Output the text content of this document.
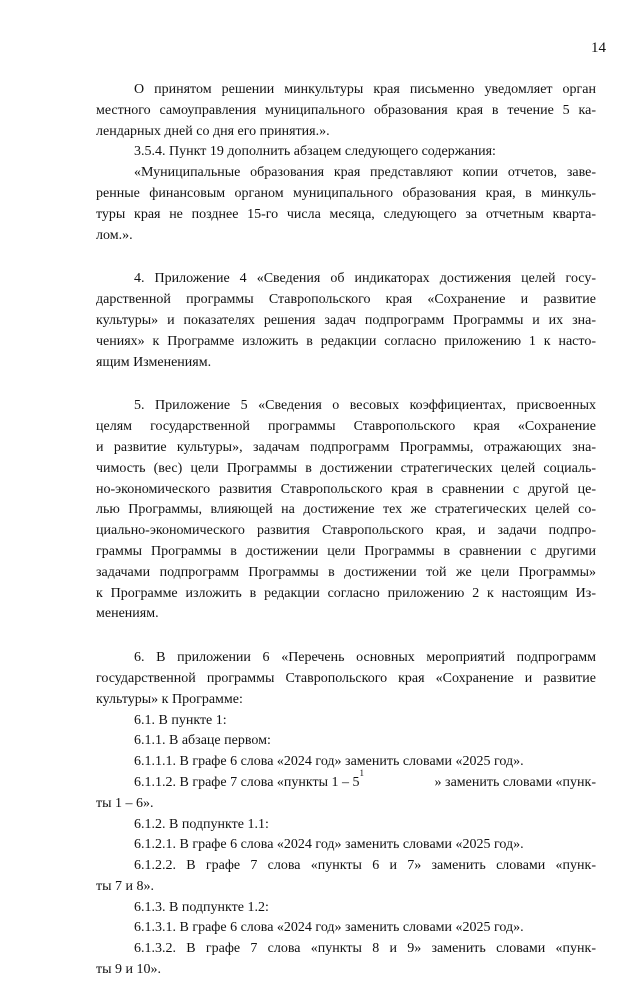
14
О принятом решении минкультуры края письменно уведомляет орган
местного самоуправления муниципального образования края в течение 5 ка-
лендарных дней со дня его принятия.».
3.5.4. Пункт 19 дополнить абзацем следующего содержания:
«Муниципальные образования края представляют копии отчетов, заве-
ренные финансовым органом муниципального образования края, в минкуль-
туры края не позднее 15-го числа месяца, следующего за отчетным кварта-
лом.».
4. Приложение 4 «Сведения об индикаторах достижения целей госу-
дарственной программы Ставропольского края «Сохранение и развитие
культуры» и показателях решения задач подпрограмм Программы и их зна-
чениях» к Программе изложить в редакции согласно приложению 1 к насто-
ящим Изменениям.
5. Приложение 5 «Сведения о весовых коэффициентах, присвоенных
целям государственной программы Ставропольского края «Сохранение
и развитие культуры», задачам подпрограмм Программы, отражающих зна-
чимость (вес) цели Программы в достижении стратегических целей социаль-
но-экономического развития Ставропольского края в сравнении с другой це-
лью Программы, влияющей на достижение тех же стратегических целей со-
циально-экономического развития Ставропольского края, и задачи подпро-
граммы Программы в достижении цели Программы в сравнении с другими
задачами подпрограмм Программы в достижении той же цели Программы»
к Программе изложить в редакции согласно приложению 2 к настоящим Из-
менениям.
6. В приложении 6 «Перечень основных мероприятий подпрограмм
государственной программы Ставропольского края «Сохранение и развитие
культуры» к Программе:
6.1. В пункте 1:
6.1.1. В абзаце первом:
6.1.1.1. В графе 6 слова «2024 год» заменить словами «2025 год».
6.1.1.2. В графе 7 слова «пункты 1 – 5
1
» заменить словами «пунк-
ты 1 – 6».
6.1.2. В подпункте 1.1:
6.1.2.1. В графе 6 слова «2024 год» заменить словами «2025 год».
6.1.2.2. В графе 7 слова «пункты 6 и 7» заменить словами «пунк-
ты 7 и 8».
6.1.3. В подпункте 1.2:
6.1.3.1. В графе 6 слова «2024 год» заменить словами «2025 год».
6.1.3.2. В графе 7 слова «пункты 8 и 9» заменить словами «пунк-
ты 9 и 10».
